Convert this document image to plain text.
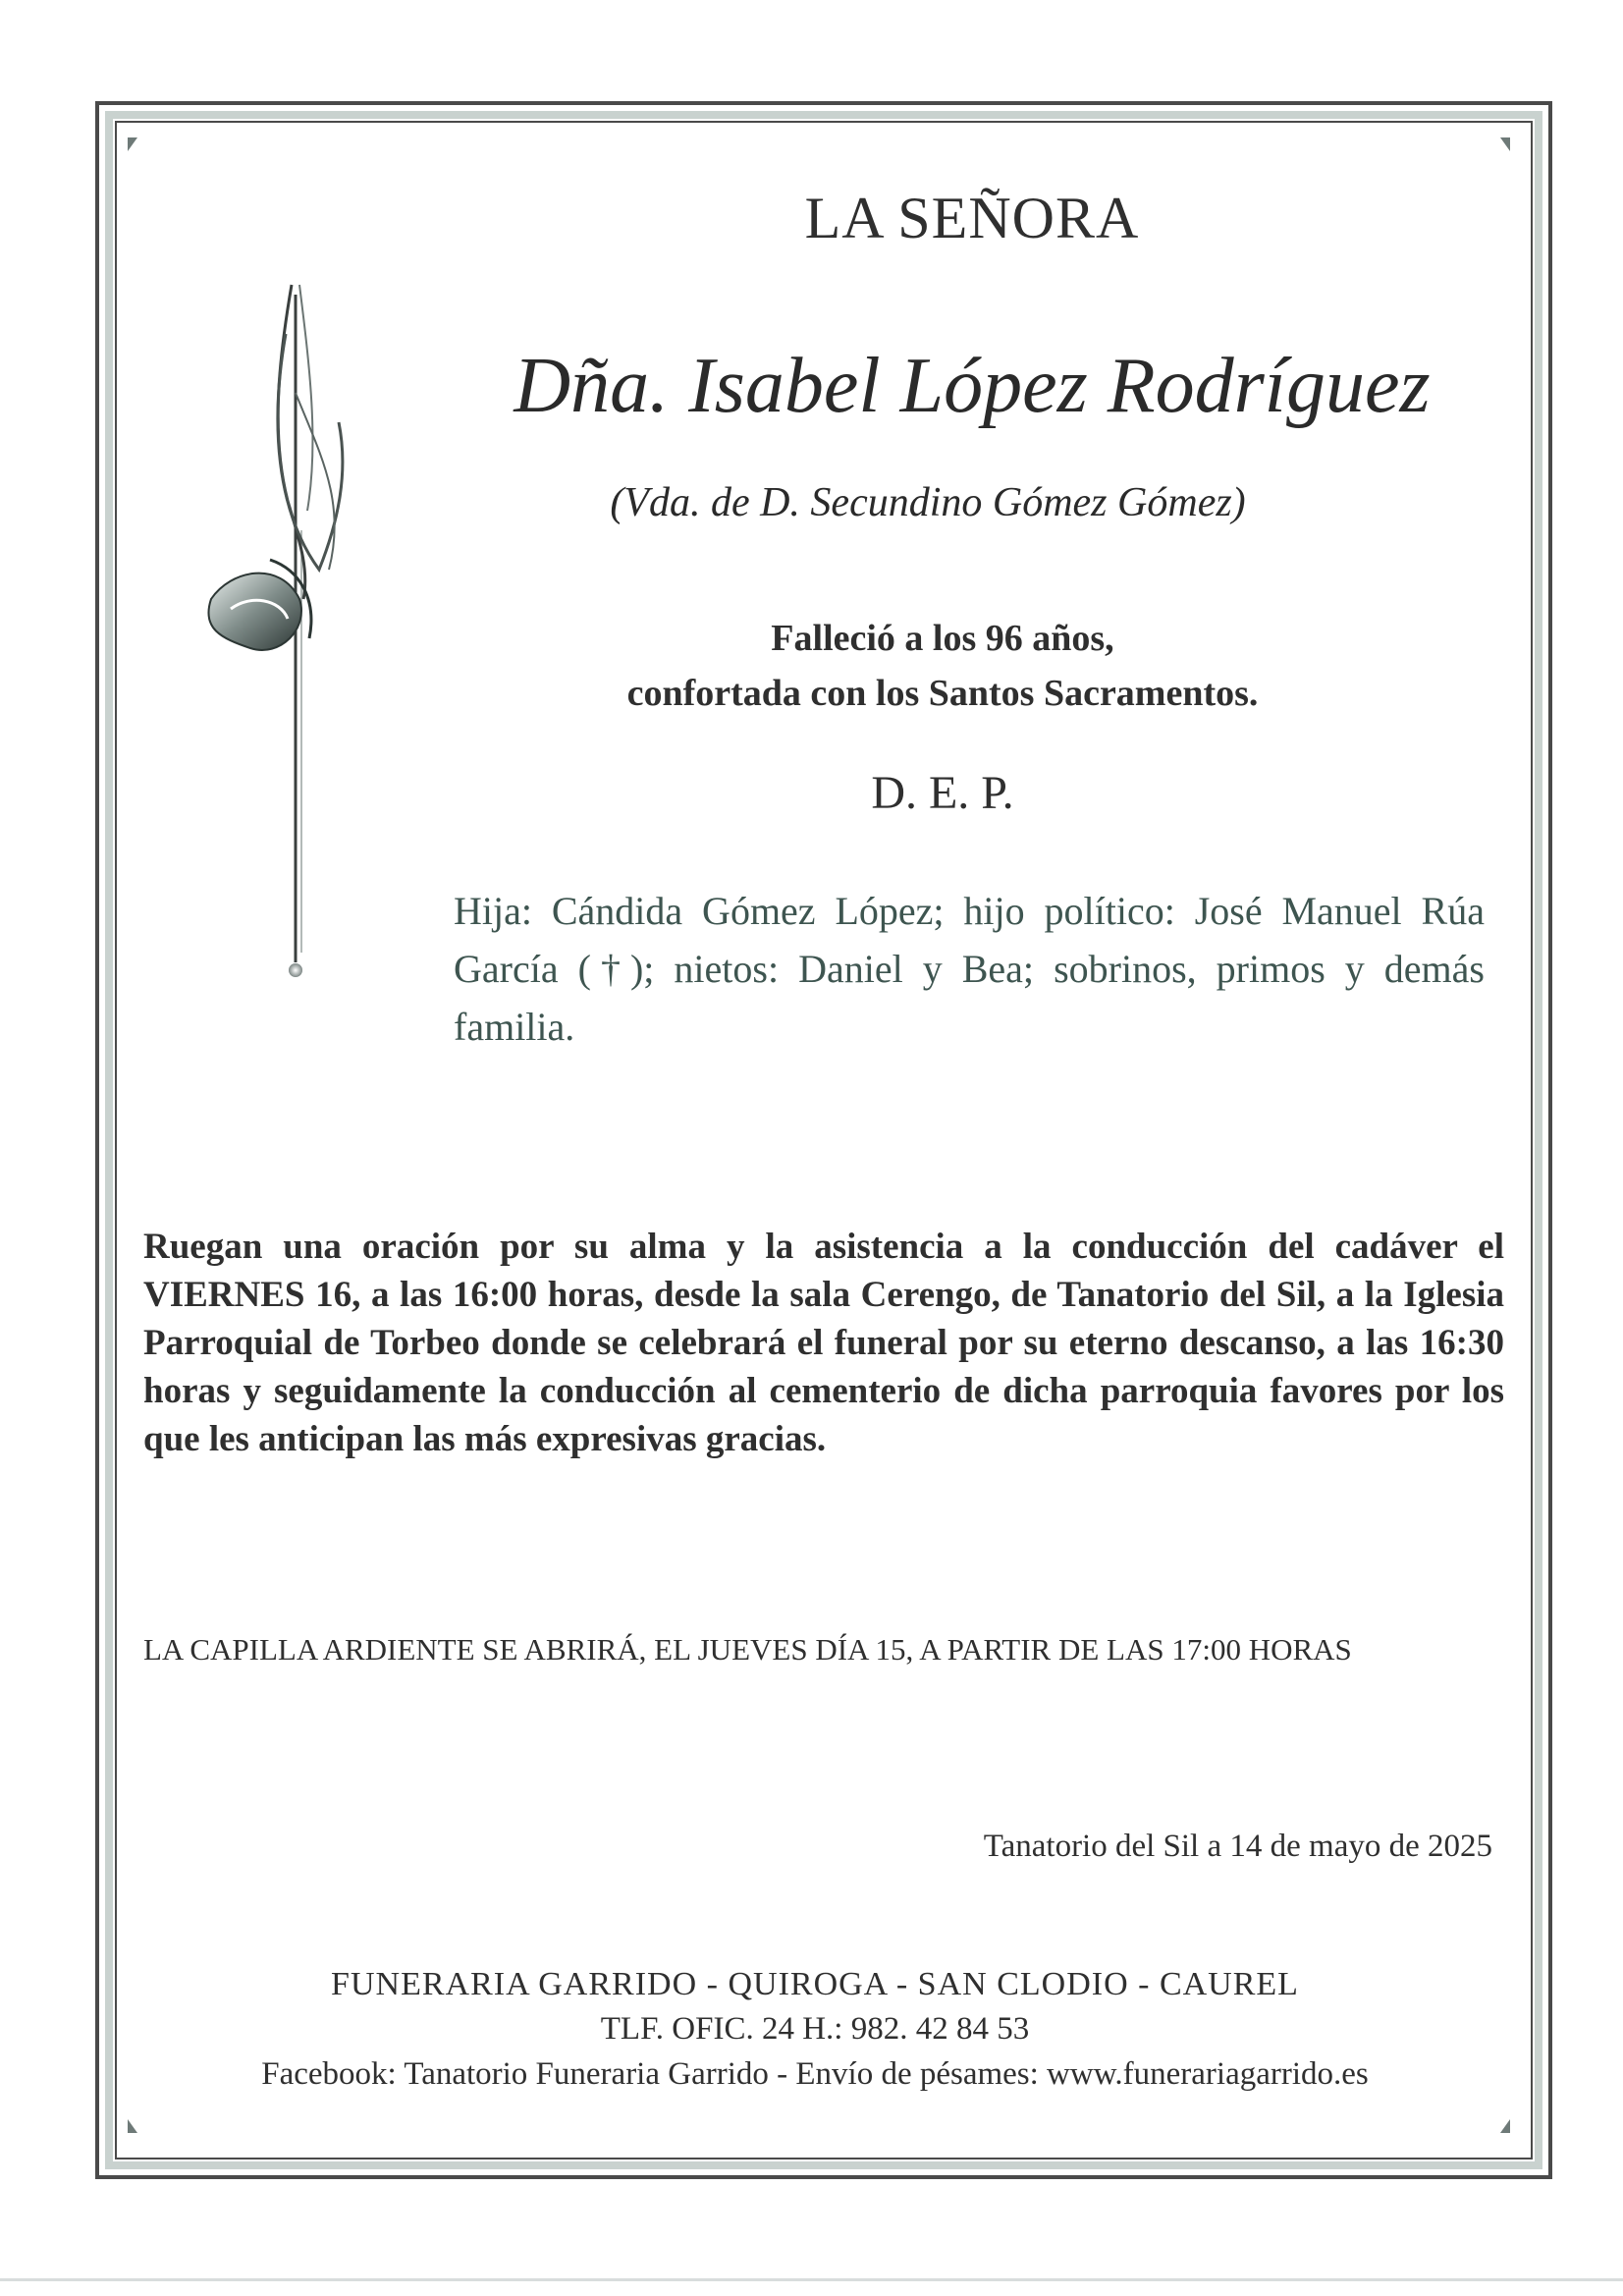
LA SEÑORA

Dña. Isabel López Rodríguez

(Vda. de D. Secundino Gómez Gómez)

Falleció a los 96 años,

confortada con los Santos Sacramentos.

D. E. P.

Hija: Cándida Gómez López; hijo político: José Manuel Rúa García (†); nietos: Daniel y Bea; sobrinos, primos y demás familia.

Ruegan una oración por su alma y la asistencia a la conducción del cadáver el VIERNES 16, a las 16:00 horas, desde la sala Cerengo, de Tanatorio del Sil, a la Iglesia Parroquial de Torbeo donde se celebrará el funeral por su eterno descanso, a las 16:30 horas y seguidamente la conducción al cementerio de dicha parroquia favores por los que les anticipan las más expresivas gracias.

LA CAPILLA ARDIENTE SE ABRIRÁ, EL JUEVES DÍA 15, A PARTIR DE LAS 17:00 HORAS

Tanatorio del Sil a 14 de mayo de 2025

FUNERARIA GARRIDO - QUIROGA - SAN CLODIO - CAUREL

TLF. OFIC. 24 H.: 982. 42 84 53

Facebook: Tanatorio Funeraria Garrido - Envío de pésames: www.funerariagarrido.es
